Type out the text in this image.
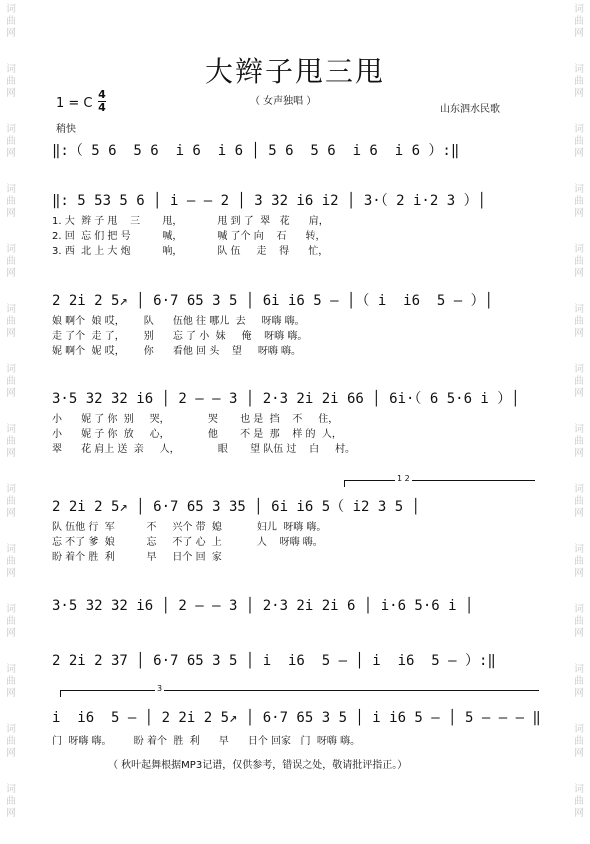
词
曲
网
词
曲
网
词
曲
网
词
曲
网
词
曲
网
词
曲
网
词
曲
网
词
曲
网
词
曲
网
词
曲
网
词
曲
网
词
曲
网
词
曲
网
词
曲
网
词
曲
网
词
曲
网
词
曲
网
词
曲
网
词
曲
网
词
曲
网
词
曲
网
词
曲
网
词
曲
网
词
曲
网
词
曲
网
词
曲
网
词
曲
网
词
曲
网
大辫子甩三甩
（ 女声独唱 ）
1 = C
4
4	山东泗水民歌
稍快
‖:（ 5 6  5 6  i 6  i 6 │ 5 6  5 6  i 6  i 6 ）:‖
‖: 5 53 5 6 │ i — — 2 │ 3 32 i6 i2 │ 3·（ 2 i·2 3 ）│
1. 大  辫 子 甩    三       甩，           甩 到 了  翠   花      肩，
2. 回  忘 们 把 号          喊，           喊 了个 向    石      转，
3. 西  北 上 大 炮          响，           队 伍     走    得      忙，
2 2i 2 5↗ │ 6·7 65 3 5 │ 6i i6 5 — │（ i  i6  5 — ）│
娘 啊个  娘 哎，      队      伍他 往 哪儿  去     呀嗨 嗨。
走 了个  走 了，      别      忘 了 小  妹     俺    呀嗨 嗨。
妮 啊个  妮 哎，      你      看他 回 头    望     呀嗨 嗨。
3·5 32 32 i6 │ 2 — — 3 │ 2·3 2i 2i 66 │ 6i·（ 6 5·6 i ）│
小      妮 了 你  别     哭，            哭       也 是  挡    不     住，
小      妮 子 你  放     心，            他       不 是  那    样 的  人，
翠      花 肩上 送  亲     人，            眼       望 队伍 过    白     村。
1 2
2 2i 2 5↗ │ 6·7 65 3 35 │ 6i i6 5（ i2 3 5 │
队 伍他 行  军          不     兴个 带  媳           妇儿  呀嗨 嗨。
忘 不了 爹  娘          忘     不了 心  上           人    呀嗨 嗨。
盼 着个 胜  利          早     日个 回  家
3·5 32 32 i6 │ 2 — — 3 │ 2·3 2i 2i 6 │ i·6 5·6 i │
2 2i 2 37 │ 6·7 65 3 5 │ i  i6  5 — │ i  i6  5 — ）:‖
3
i  i6  5 — │ 2 2i 2 5↗ │ 6·7 65 3 5 │ i i6 5 — │ 5 — — — ‖
门  呀嗨 嗨。       盼 着个  胜  利      早      日个 回家   门  呀嗨 嗨。
（ 秋叶起舞根据MP3记谱，仅供参考，错误之处，敬请批评指正。）
